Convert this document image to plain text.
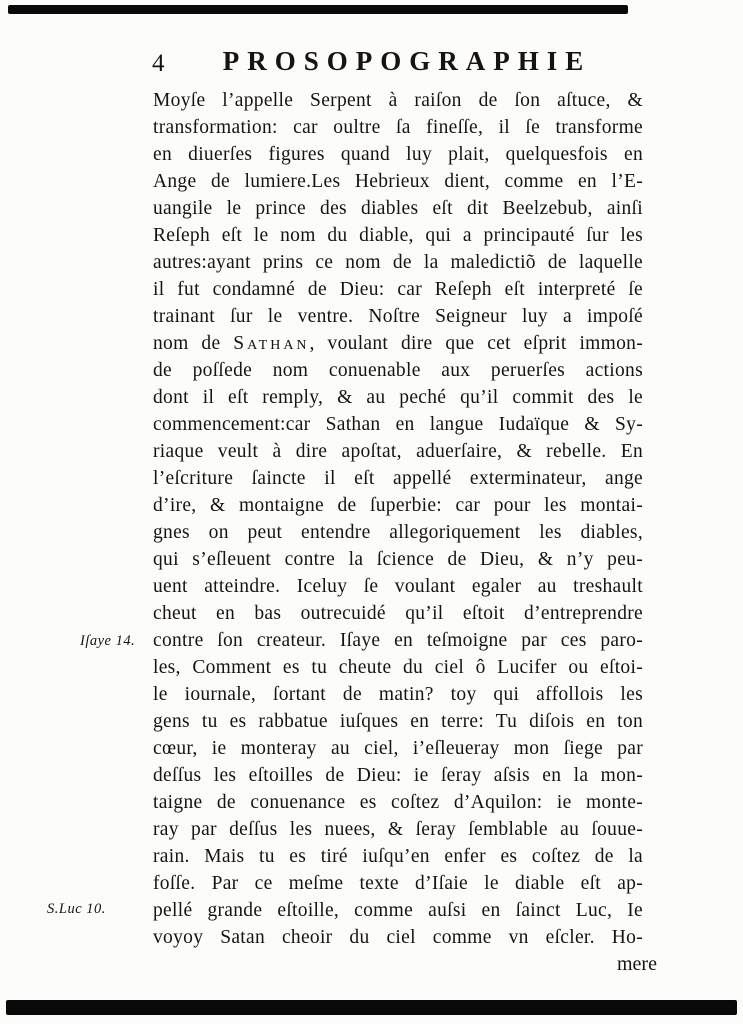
4	PROSOPOGRAPHIE
Moyſe l’appelle Serpent à raiſon de ſon aſtuce, &
transformation: car oultre ſa fineſſe, il ſe transforme
en diuerſes figures quand luy plait, quelquesfois en
Ange de lumiere.Les Hebrieux dient, comme en l’E-
uangile le prince des diables eſt dit Beelzebub, ainſi
Reſeph eſt le nom du diable, qui a principauté ſur les
autres:ayant prins ce nom de la maledictiõ de laquelle
il fut condamné de Dieu: car Reſeph eſt interpreté ſe
trainant ſur le ventre. Noſtre Seigneur luy a impoſé
nom de Sathan, voulant dire que cet eſprit immon-
de poſſede nom conuenable aux peruerſes actions
dont il eſt remply, & au peché qu’il commit des le
commencement:car Sathan en langue Iudaïque & Sy-
riaque veult à dire apoſtat, aduerſaire, & rebelle. En
l’eſcriture ſaincte il eſt appellé exterminateur, ange
d’ire, & montaigne de ſuperbie: car pour les montai-
gnes on peut entendre allegoriquement les diables,
qui s’eſleuent contre la ſcience de Dieu, & n’y peu-
uent atteindre. Iceluy ſe voulant egaler au treshault
cheut en bas outrecuidé qu’il eſtoit d’entreprendre
contre ſon createur. Iſaye en teſmoigne par ces paro-
les, Comment es tu cheute du ciel ô Lucifer ou eſtoi-
le iournale, ſortant de matin? toy qui affollois les
gens tu es rabbatue iuſques en terre: Tu diſois en ton
cœur, ie monteray au ciel, i’eſleueray mon ſiege par
deſſus les eſtoilles de Dieu: ie ſeray aſsis en la mon-
taigne de conuenance es coſtez d’Aquilon: ie monte-
ray par deſſus les nuees, & ſeray ſemblable au ſouue-
rain. Mais tu es tiré iuſqu’en enfer es coſtez de la
foſſe. Par ce meſme texte d’Iſaie le diable eſt ap-
pellé grande eſtoille, comme auſsi en ſainct Luc, Ie
voyoy Satan cheoir du ciel comme vn eſcler. Ho-
Iſaye 14.
S.Luc 10.
mere
